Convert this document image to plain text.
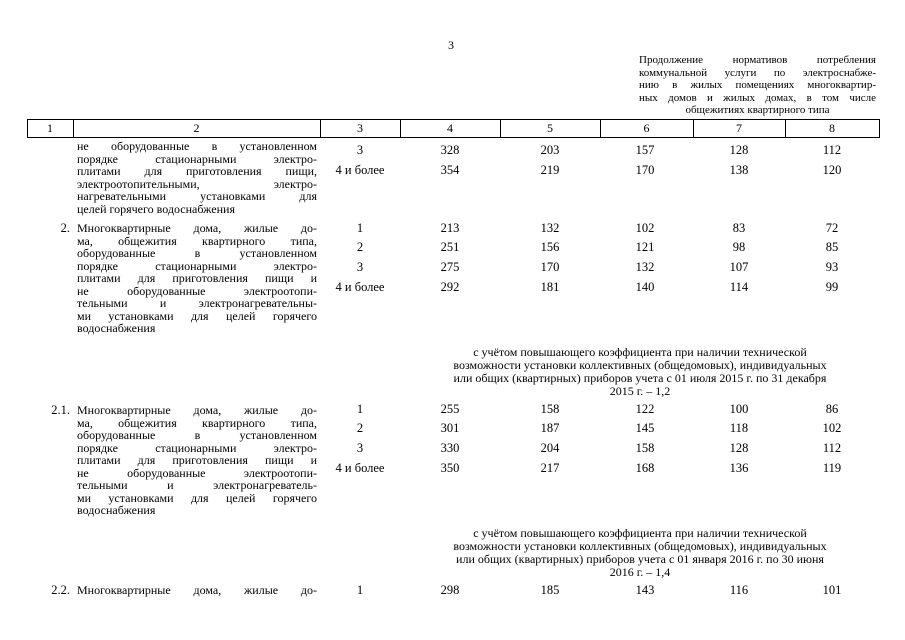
3
Продолжение нормативов потребления
коммунальной услуги по электроснабже-
нию в жилых помещениях многоквартир-
ных домов и жилых домах, в том числе
общежитиях квартирного типа
1	2	3	4	5	6	7	8
не оборудованные в установленном
порядке стационарными электро-
плитами для приготовления пищи,
электроотопительными, электро-
нагревательными установками для
целей горячего водоснабжения
3	328	203	157	128	112
4 и более	354	219	170	138	120
2. Многоквартирные дома, жилые до-
ма, общежития квартирного типа,
оборудованные в установленном
порядке стационарными электро-
плитами для приготовления пищи и
не оборудованные электроотопи-
тельными и электронагревательны-
ми установками для целей горячего
водоснабжения
1	213	132	102	83	72
2	251	156	121	98	85
3	275	170	132	107	93
4 и более	292	181	140	114	99
с учётом повышающего коэффициента при наличии технической
возможности установки коллективных (общедомовых), индивидуальных
или общих (квартирных) приборов учета с 01 июля 2015 г. по 31 декабря
2015 г. – 1,2
2.1. Многоквартирные дома, жилые до-
ма, общежития квартирного типа,
оборудованные в установленном
порядке стационарными электро-
плитами для приготовления пищи и
не оборудованные электроотопи-
тельными и электронагреватель-
ми установками для целей горячего
водоснабжения
1	255	158	122	100	86
2	301	187	145	118	102
3	330	204	158	128	112
4 и более	350	217	168	136	119
с учётом повышающего коэффициента при наличии технической
возможности установки коллективных (общедомовых), индивидуальных
или общих (квартирных) приборов учета с 01 января 2016 г. по 30 июня
2016 г. – 1,4
2.2. Многоквартирные дома, жилые до-	1	298	185	143	116	101
